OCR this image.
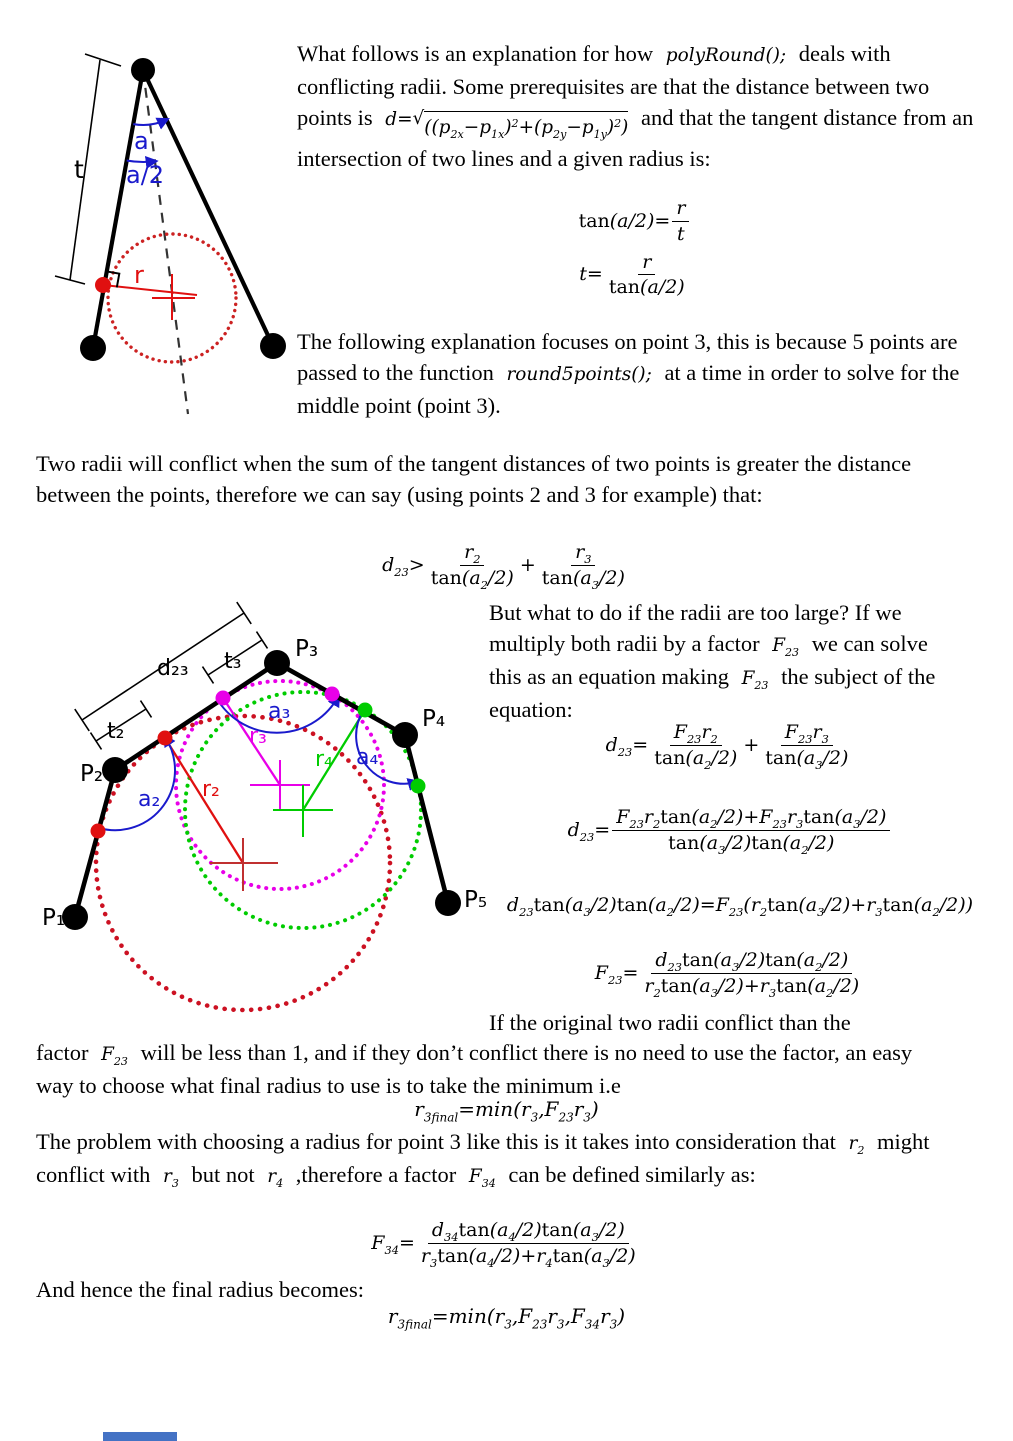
t
a
a/2
r
What follows is an explanation for how polyRound(); deals with conflicting radii. Some prerequisites are that the distance between two points is d= √ $((p_{2x}-p_{1x})^2+(p_{2y}-p_{1y})^2)$ and that the tangent distance from an intersection of two lines and a given radius is:
$\tan(a/2)= \frac{r}{t}$
$t= \frac{r}{\tan(a/2)}$
The following explanation focuses on point 3, this is because 5 points are passed to the function round5points(); at a time in order to solve for the middle point (point 3).
Two radii will conflict when the sum of the tangent distances of two points is greater the distance between the points, therefore we can say (using points 2 and 3 for example) that:
$d_{23}> \frac{r_2}{\tan(a_2/2)} + \frac{r_3}{\tan(a_3/2)}$
P₁
P₂
P₃
P₄
P₅
d₂₃ t₃
t₂
a₂
a₃
a₄
r₂
r₃
r₄
But what to do if the radii are too large? If we multiply both radii by a factor $F_{23}$ we can solve this as an equation making $F_{23}$ the subject of the equation:
$d_{23}= \frac{F_{23}r_2}{\tan(a_2/2)} + \frac{F_{23}r_3}{\tan(a_3/2)}$
$d_{23}= \frac{F_{23}r_2\tan(a_2/2)+F_{23}r_3\tan(a_3/2)}{\tan(a_3/2)\tan(a_2/2)}$
$d_{23}\tan(a_3/2)\tan(a_2/2)=F_{23}(r_2\tan(a_3/2)+r_3\tan(a_2/2))$
$F_{23}= \frac{d_{23}\tan(a_3/2)\tan(a_2/2)}{r_2\tan(a_3/2)+r_3\tan(a_2/2)}$
If the original two radii conflict than the
factor $F_{23}$ will be less than 1, and if they don’t conflict there is no need to use the factor, an easy way to choose what final radius to use is to take the minimum i.e
$r_{3final}=\min(r_3,F_{23}r_3)$
The problem with choosing a radius for point 3 like this is it takes into consideration that $r_2$ might conflict with $r_3$ but not $r_4$ ,therefore a factor $F_{34}$ can be defined similarly as:
$F_{34}= \frac{d_{34}\tan(a_4/2)\tan(a_3/2)}{r_3\tan(a_4/2)+r_4\tan(a_3/2)}$
And hence the final radius becomes:
$r_{3final}=\min(r_3,F_{23}r_3,F_{34}r_3)$
